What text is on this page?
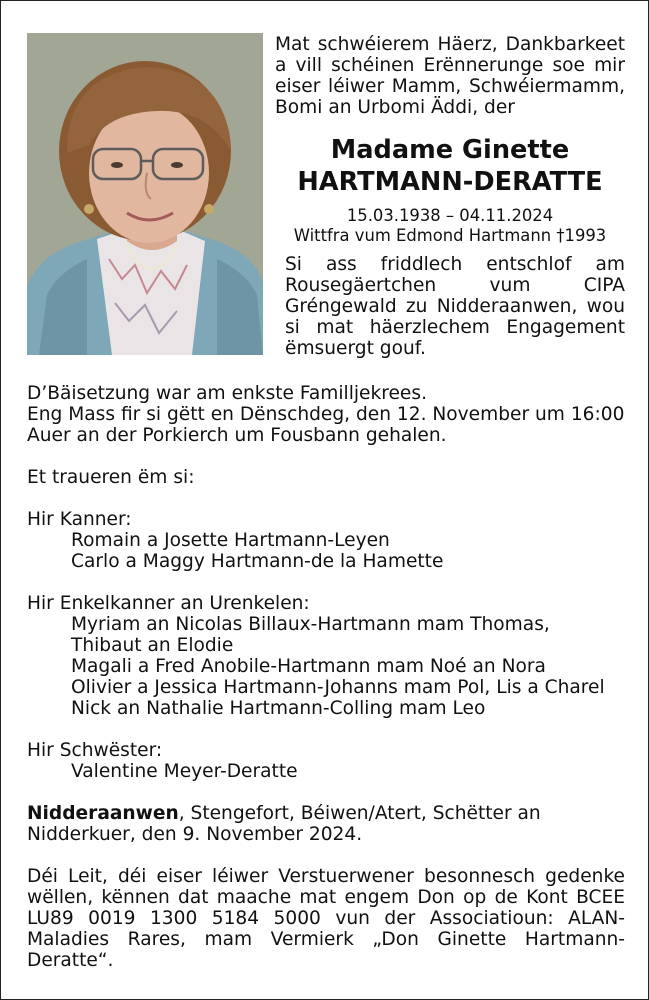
Mat schwéierem Häerz, Dankbarkeet
a vill schéinen Erënnerunge soe mir
eiser léiwer Mamm, Schwéiermamm,
Bomi an Urbomi Äddi, der
Madame Ginette
HARTMANN-DERATTE
15.03.1938 – 04.11.2024
Wittfra vum Edmond Hartmann †1993
Si ass friddlech entschlof am
Rousegäertchen vum CIPA
Gréngewald zu Nidderaanwen, wou
si mat häerzlechem Engagement
ëmsuergt gouf.
D’Bäisetzung war am enkste Familljekrees.
Eng Mass fir si gëtt en Dënschdeg, den 12. November um 16:00
Auer an der Porkierch um Fousbann gehalen.
Et traueren ëm si:
Hir Kanner:
Romain a Josette Hartmann-Leyen
Carlo a Maggy Hartmann-de la Hamette
Hir Enkelkanner an Urenkelen:
Myriam an Nicolas Billaux-Hartmann mam Thomas,
Thibaut an Elodie
Magali a Fred Anobile-Hartmann mam Noé an Nora
Olivier a Jessica Hartmann-Johanns mam Pol, Lis a Charel
Nick an Nathalie Hartmann-Colling mam Leo
Hir Schwëster:
Valentine Meyer-Deratte
Nidderaanwen, Stengefort, Béiwen/Atert, Schëtter an
Nidderkuer, den 9. November 2024.
Déi Leit, déi eiser léiwer Verstuerwener besonnesch gedenke
wëllen, kënnen dat maache mat engem Don op de Kont BCEE
LU89 0019 1300 5184 5000 vun der Associatioun: ALAN-
Maladies Rares, mam Vermierk „Don Ginette Hartmann-
Deratte“.
